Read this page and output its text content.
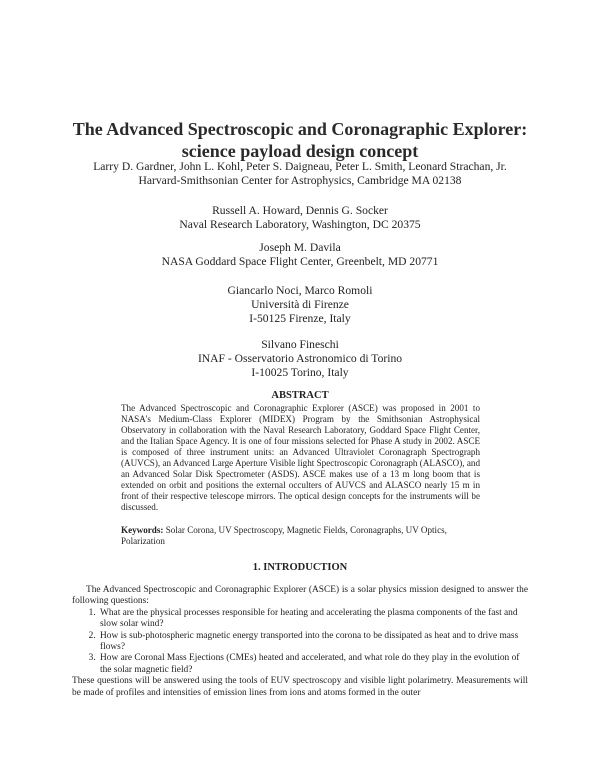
The Advanced Spectroscopic and Coronagraphic Explorer:
science payload design concept
Larry D. Gardner, John L. Kohl, Peter S. Daigneau, Peter L. Smith, Leonard Strachan, Jr.
Harvard-Smithsonian Center for Astrophysics, Cambridge MA 02138
Russell A. Howard, Dennis G. Socker
Naval Research Laboratory, Washington, DC 20375
Joseph M. Davila
NASA Goddard Space Flight Center, Greenbelt, MD 20771
Giancarlo Noci, Marco Romoli
Università di Firenze
I-50125 Firenze, Italy
Silvano Fineschi
INAF - Osservatorio Astronomico di Torino
I-10025 Torino, Italy
ABSTRACT

The Advanced Spectroscopic and Coronagraphic Explorer (ASCE) was proposed in 2001 to NASA's Medium-Class Explorer (MIDEX) Program by the Smithsonian Astrophysical Observatory in collaboration with the Naval Research Laboratory, Goddard Space Flight Center, and the Italian Space Agency. It is one of four missions selected for Phase A study in 2002. ASCE is composed of three instrument units: an Advanced Ultraviolet Coronagraph Spectrograph (AUVCS), an Advanced Large Aperture Visible light Spectroscopic Coronagraph (ALASCO), and an Advanced Solar Disk Spectrometer (ASDS). ASCE makes use of a 13 m long boom that is extended on orbit and positions the external occulters of AUVCS and ALASCO nearly 15 m in front of their respective telescope mirrors. The optical design concepts for the instruments will be discussed.

Keywords: Solar Corona, UV Spectroscopy, Magnetic Fields, Coronagraphs, UV Optics, Polarization

1. INTRODUCTION

The Advanced Spectroscopic and Coronagraphic Explorer (ASCE) is a solar physics mission designed to answer the following questions:

1. What are the physical processes responsible for heating and accelerating the plasma components of the fast and slow solar wind?
2. How is sub-photospheric magnetic energy transported into the corona to be dissipated as heat and to drive mass flows?
3. How are Coronal Mass Ejections (CMEs) heated and accelerated, and what role do they play in the evolution of the solar magnetic field?

These questions will be answered using the tools of EUV spectroscopy and visible light polarimetry. Measurements will be made of profiles and intensities of emission lines from ions and atoms formed in the outer
